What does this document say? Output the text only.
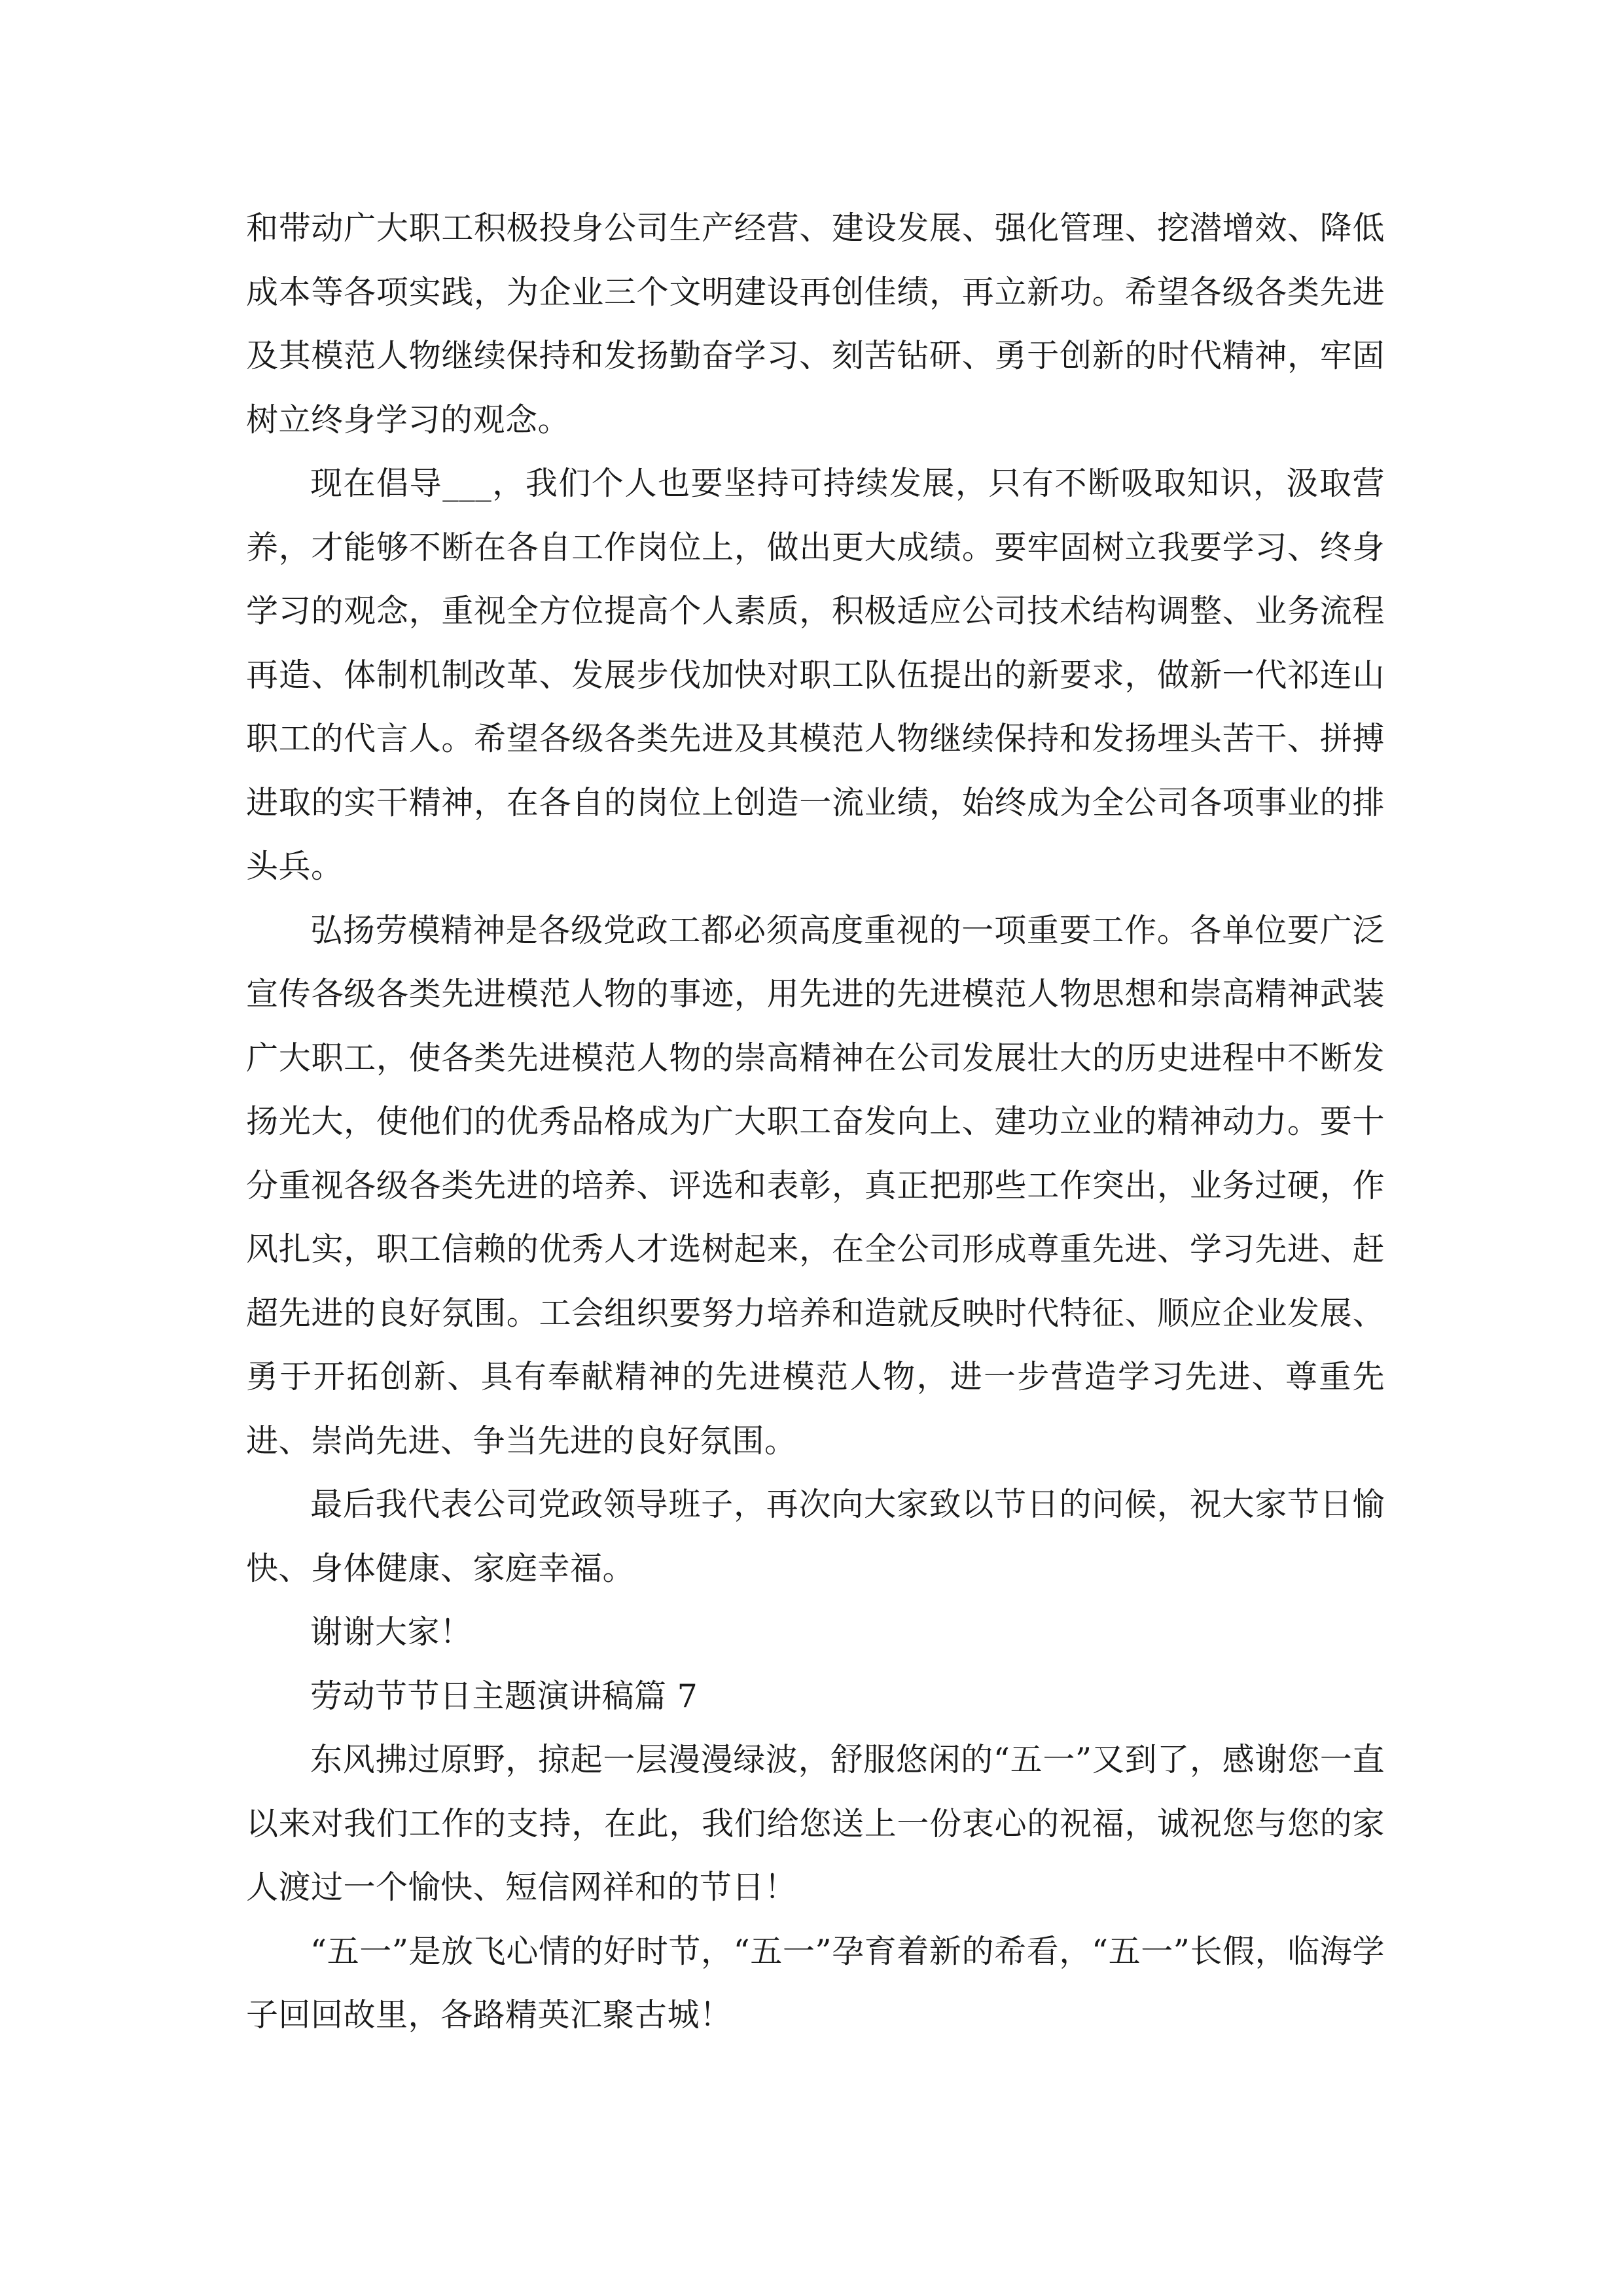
和带动广大职工积极投身公司生产经营、建设发展、强化管理、挖潜增效、降低成本等各项实践，为企业三个文明建设再创佳绩，再立新功。希望各级各类先进及其模范人物继续保持和发扬勤奋学习、刻苦钻研、勇于创新的时代精神，牢固树立终身学习的观念。

现在倡导___，我们个人也要坚持可持续发展，只有不断吸取知识，汲取营养，才能够不断在各自工作岗位上，做出更大成绩。要牢固树立我要学习、终身学习的观念，重视全方位提高个人素质，积极适应公司技术结构调整、业务流程再造、体制机制改革、发展步伐加快对职工队伍提出的新要求，做新一代祁连山职工的代言人。希望各级各类先进及其模范人物继续保持和发扬埋头苦干、拼搏进取的实干精神，在各自的岗位上创造一流业绩，始终成为全公司各项事业的排头兵。

弘扬劳模精神是各级党政工都必须高度重视的一项重要工作。各单位要广泛宣传各级各类先进模范人物的事迹，用先进的先进模范人物思想和崇高精神武装广大职工，使各类先进模范人物的崇高精神在公司发展壮大的历史进程中不断发扬光大，使他们的优秀品格成为广大职工奋发向上、建功立业的精神动力。要十分重视各级各类先进的培养、评选和表彰，真正把那些工作突出，业务过硬，作风扎实，职工信赖的优秀人才选树起来，在全公司形成尊重先进、学习先进、赶超先进的良好氛围。工会组织要努力培养和造就反映时代特征、顺应企业发展、勇于开拓创新、具有奉献精神的先进模范人物，进一步营造学习先进、尊重先进、崇尚先进、争当先进的良好氛围。

最后我代表公司党政领导班子，再次向大家致以节日的问候，祝大家节日愉快、身体健康、家庭幸福。

谢谢大家！

劳动节节日主题演讲稿篇 7

东风拂过原野，掠起一层漫漫绿波，舒服悠闲的“五一”又到了，感谢您一直以来对我们工作的支持，在此，我们给您送上一份衷心的祝福，诚祝您与您的家人渡过一个愉快、短信网祥和的节日！

“五一”是放飞心情的好时节，“五一”孕育着新的希看，“五一”长假，临海学子回回故里，各路精英汇聚古城！
